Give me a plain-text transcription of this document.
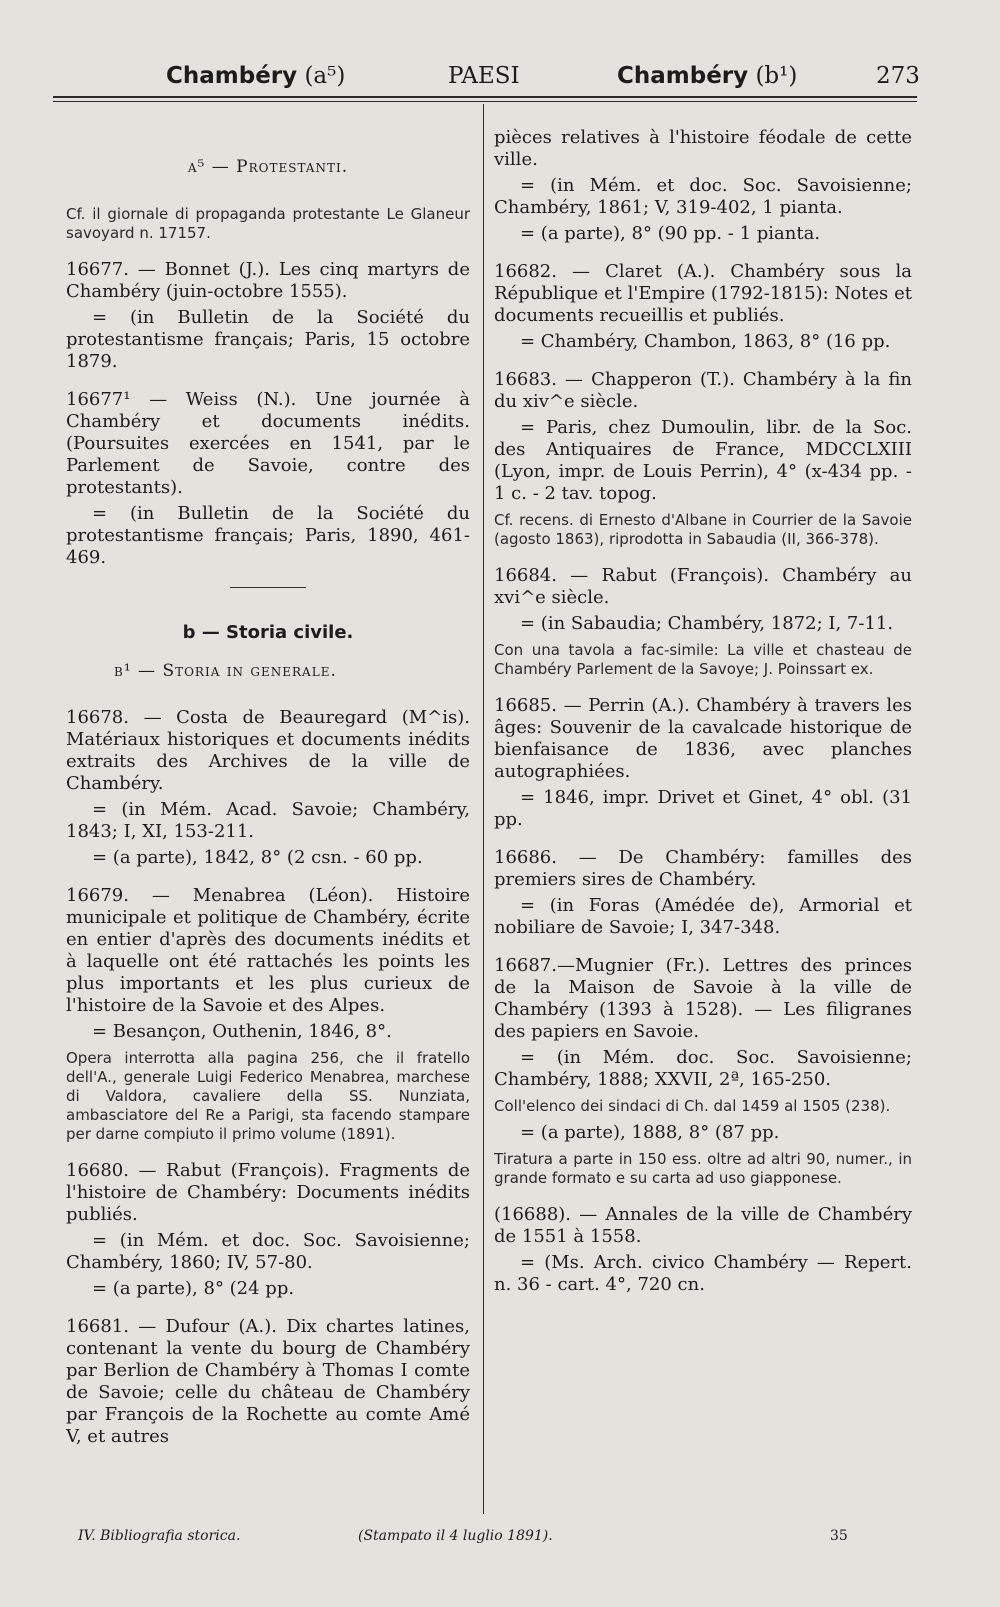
Chambéry (a⁵)	PAESI	Chambéry (b¹)	273
a⁵ — Protestanti.
Cf. il giornale di propaganda protestante Le Glaneur savoyard n. 17157.

16677. — Bonnet (J.). Les cinq martyrs de Chambéry (juin-octobre 1555).

= (in Bulletin de la Société du protestantisme français; Paris, 15 octobre 1879.

16677¹ — Weiss (N.). Une journée à Chambéry et documents inédits. (Poursuites exercées en 1541, par le Parlement de Savoie, contre des protestants).

= (in Bulletin de la Société du protestantisme français; Paris, 1890, 461-469.

b — Storia civile.
b¹ — Storia in generale.

16678. — Costa de Beauregard (M^is). Matériaux historiques et documents inédits extraits des Archives de la ville de Chambéry.

= (in Mém. Acad. Savoie; Chambéry, 1843; I, XI, 153-211.

= (a parte), 1842, 8° (2 csn. - 60 pp.

16679. — Menabrea (Léon). Histoire municipale et politique de Chambéry, écrite en entier d'après des documents inédits et à laquelle ont été rattachés les points les plus importants et les plus curieux de l'histoire de la Savoie et des Alpes.

= Besançon, Outhenin, 1846, 8°.

Opera interrotta alla pagina 256, che il fratello dell'A., generale Luigi Federico Menabrea, marchese di Valdora, cavaliere della SS. Nunziata, ambasciatore del Re a Parigi, sta facendo stampare per darne compiuto il primo volume (1891).

16680. — Rabut (François). Fragments de l'histoire de Chambéry: Documents inédits publiés.

= (in Mém. et doc. Soc. Savoisienne; Chambéry, 1860; IV, 57-80.

= (a parte), 8° (24 pp.

16681. — Dufour (A.). Dix chartes latines, contenant la vente du bourg de Chambéry par Berlion de Chambéry à Thomas I comte de Savoie; celle du château de Chambéry par François de la Rochette au comte Amé V, et autres

pièces relatives à l'histoire féodale de cette ville.

= (in Mém. et doc. Soc. Savoisienne; Chambéry, 1861; V, 319-402, 1 pianta.

= (a parte), 8° (90 pp. - 1 pianta.

16682. — Claret (A.). Chambéry sous la République et l'Empire (1792-1815): Notes et documents recueillis et publiés.

= Chambéry, Chambon, 1863, 8° (16 pp.

16683. — Chapperon (T.). Chambéry à la fin du xiv^e siècle.

= Paris, chez Dumoulin, libr. de la Soc. des Antiquaires de France, MDCCLXIII (Lyon, impr. de Louis Perrin), 4° (x-434 pp. - 1 c. - 2 tav. topog.

Cf. recens. di Ernesto d'Albane in Courrier de la Savoie (agosto 1863), riprodotta in Sabaudia (II, 366-378).

16684. — Rabut (François). Chambéry au xvi^e siècle.

= (in Sabaudia; Chambéry, 1872; I, 7-11.

Con una tavola a fac-simile: La ville et chasteau de Chambéry Parlement de la Savoye; J. Poinssart ex.

16685. — Perrin (A.). Chambéry à travers les âges: Souvenir de la cavalcade historique de bienfaisance de 1836, avec planches autographiées.

= 1846, impr. Drivet et Ginet, 4° obl. (31 pp.

16686. — De Chambéry: familles des premiers sires de Chambéry.

= (in Foras (Amédée de), Armorial et nobiliare de Savoie; I, 347-348.

16687.—Mugnier (Fr.). Lettres des princes de la Maison de Savoie à la ville de Chambéry (1393 à 1528). — Les filigranes des papiers en Savoie.

= (in Mém. doc. Soc. Savoisienne; Chambéry, 1888; XXVII, 2ª, 165-250.

Coll'elenco dei sindaci di Ch. dal 1459 al 1505 (238).

= (a parte), 1888, 8° (87 pp.

Tiratura a parte in 150 ess. oltre ad altri 90, numer., in grande formato e su carta ad uso giapponese.

(16688). — Annales de la ville de Chambéry de 1551 à 1558.

= (Ms. Arch. civico Chambéry — Repert. n. 36 - cart. 4°, 720 cn.

IV. Bibliografia storica.	(Stampato il 4 luglio 1891).	35
